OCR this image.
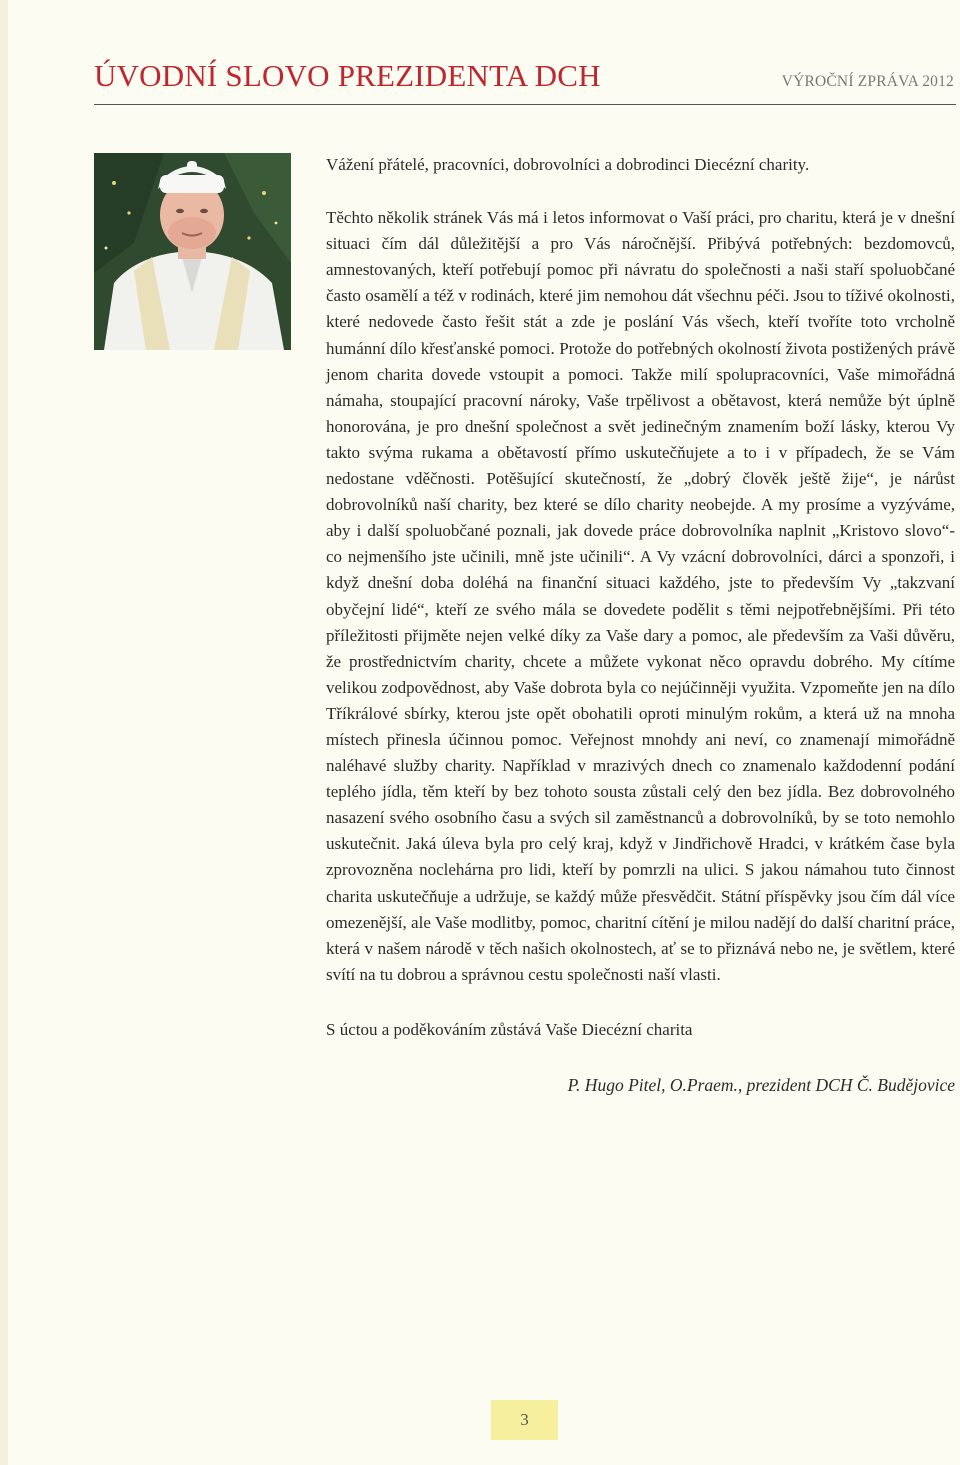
ÚVODNÍ SLOVO PREZIDENTA DCH	VÝROČNÍ ZPRÁVA 2012

Vážení přátelé, pracovníci, dobrovolníci a dobrodinci Diecézní charity.

Těchto několik stránek Vás má i letos informovat o Vaší práci, pro charitu, která je v dnešní situaci čím dál důležitější a pro Vás náročnější. Přibývá potřebných: bezdomovců, amnestovaných, kteří potřebují pomoc při návratu do společnosti a naši staří spoluobčané často osamělí a též v rodinách, které jim nemohou dát všechnu péči. Jsou to tíživé okolnosti, které nedovede často řešit stát a zde je poslání Vás všech, kteří tvoříte toto vrcholně humánní dílo křesťanské pomoci. Protože do potřebných okolností života postižených právě jenom charita dovede vstoupit a pomoci. Takže milí spolupracovníci, Vaše mimořádná námaha, stoupající pracovní nároky, Vaše trpělivost a obětavost, která nemůže být úplně honorována, je pro dnešní společnost a svět jedinečným znamením boží lásky, kterou Vy takto svýma rukama a obětavostí přímo uskutečňujete a to i v případech, že se Vám nedostane vděčnosti. Potěšující skutečností, že „dobrý člověk ještě žije“, je nárůst dobrovolníků naší charity, bez které se dílo charity neobejde. A my prosíme a vyzýváme, aby i další spoluobčané poznali, jak dovede práce dobrovolníka naplnit „Kristovo slovo“- co nejmenšího jste učinili, mně jste učinili“. A Vy vzácní dobrovolníci, dárci a sponzoři, i když dnešní doba doléhá na finanční situaci každého, jste to především Vy „takzvaní obyčejní lidé“, kteří ze svého mála se dovedete podělit s těmi nejpotřebnějšími. Při této příležitosti přijměte nejen velké díky za Vaše dary a pomoc, ale především za Vaši důvěru, že prostřednictvím charity, chcete a můžete vykonat něco opravdu dobrého. My cítíme velikou zodpovědnost, aby Vaše dobrota byla co nejúčinněji využita. Vzpomeňte jen na dílo Tříkrálové sbírky, kterou jste opět obohatili oproti minulým rokům, a která už na mnoha místech přinesla účinnou pomoc. Veřejnost mnohdy ani neví, co znamenají mimořádně naléhavé služby charity. Například v mrazivých dnech co znamenalo každodenní podání teplého jídla, těm kteří by bez tohoto sousta zůstali celý den bez jídla. Bez dobrovolného nasazení svého osobního času a svých sil zaměstnanců a dobrovolníků, by se toto nemohlo uskutečnit. Jaká úleva byla pro celý kraj, když v Jindřichově Hradci, v krátkém čase byla zprovozněna noclehárna pro lidi, kteří by pomrzli na ulici. S jakou námahou tuto činnost charita uskutečňuje a udržuje, se každý může přesvědčit. Státní příspěvky jsou čím dál více omezenější, ale Vaše modlitby, pomoc, charitní cítění je milou nadějí do další charitní práce, která v našem národě v těch našich okolnostech, ať se to přiznává nebo ne, je světlem, které svítí na tu dobrou a správnou cestu společnosti naší vlasti.

S úctou a poděkováním zůstává Vaše Diecézní charita

P. Hugo Pitel, O.Praem., prezident DCH Č. Budějovice

3
